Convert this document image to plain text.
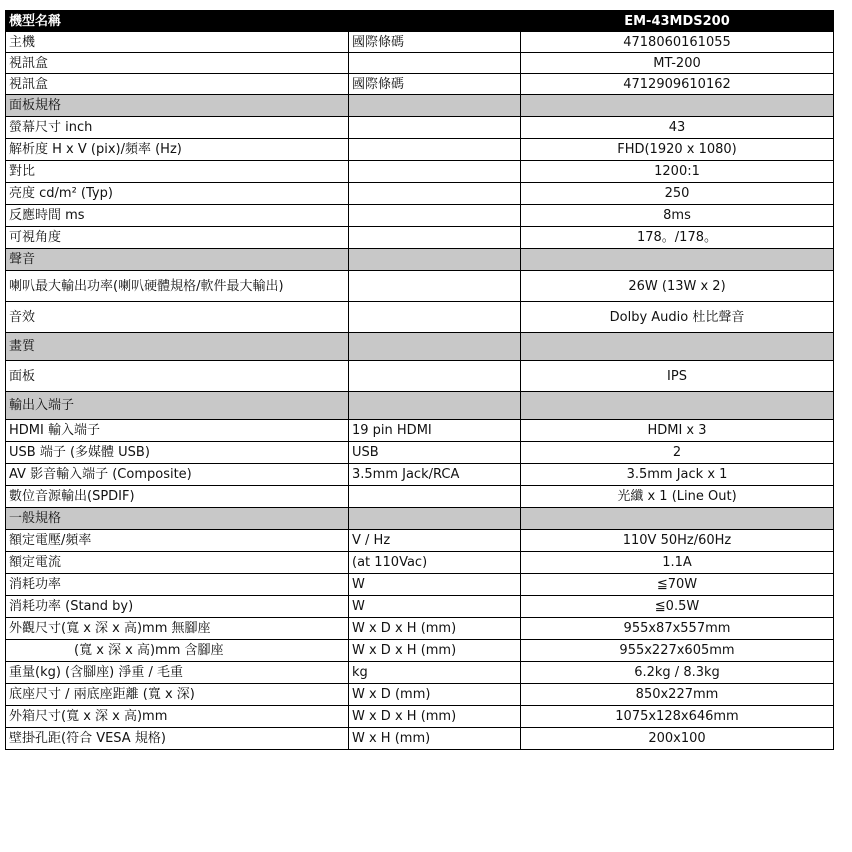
機型名稱		EM-43MDS200
主機	國際條碼	4718060161055
視訊盒		MT-200
視訊盒	國際條碼	4712909610162
面板規格		
螢幕尺寸 inch		43
解析度 H x V (pix)/頻率 (Hz)		FHD(1920 x 1080)
對比		1200:1
亮度 cd/m² (Typ)		250
反應時間 ms		8ms
可視角度		178。/178。
聲音		
喇叭最大輸出功率(喇叭硬體規格/軟件最大輸出)		26W (13W x 2)
音效		Dolby Audio 杜比聲音
畫質		
面板		IPS
輸出入端子		
HDMI 輸入端子	19 pin HDMI	HDMI x 3
USB 端子 (多媒體 USB)	USB	2
AV 影音輸入端子 (Composite)	3.5mm Jack/RCA	3.5mm Jack x 1
數位音源輸出(SPDIF)		光纖 x 1 (Line Out)
一般規格		
額定電壓/頻率	V / Hz	110V 50Hz/60Hz
額定電流	(at 110Vac)	1.1A
消耗功率	W	≦70W
消耗功率 (Stand by)	W	≦0.5W
外觀尺寸(寬 x 深 x 高)mm 無腳座	W x D x H (mm)	955x87x557mm
(寬 x 深 x 高)mm 含腳座	W x D x H (mm)	955x227x605mm
重量(kg) (含腳座) 淨重 / 毛重	kg	6.2kg / 8.3kg
底座尺寸 / 兩底座距離 (寬 x 深)	W x D (mm)	850x227mm
外箱尺寸(寬 x 深 x 高)mm	W x D x H (mm)	1075x128x646mm
壁掛孔距(符合 VESA 規格)	W x H (mm)	200x100
